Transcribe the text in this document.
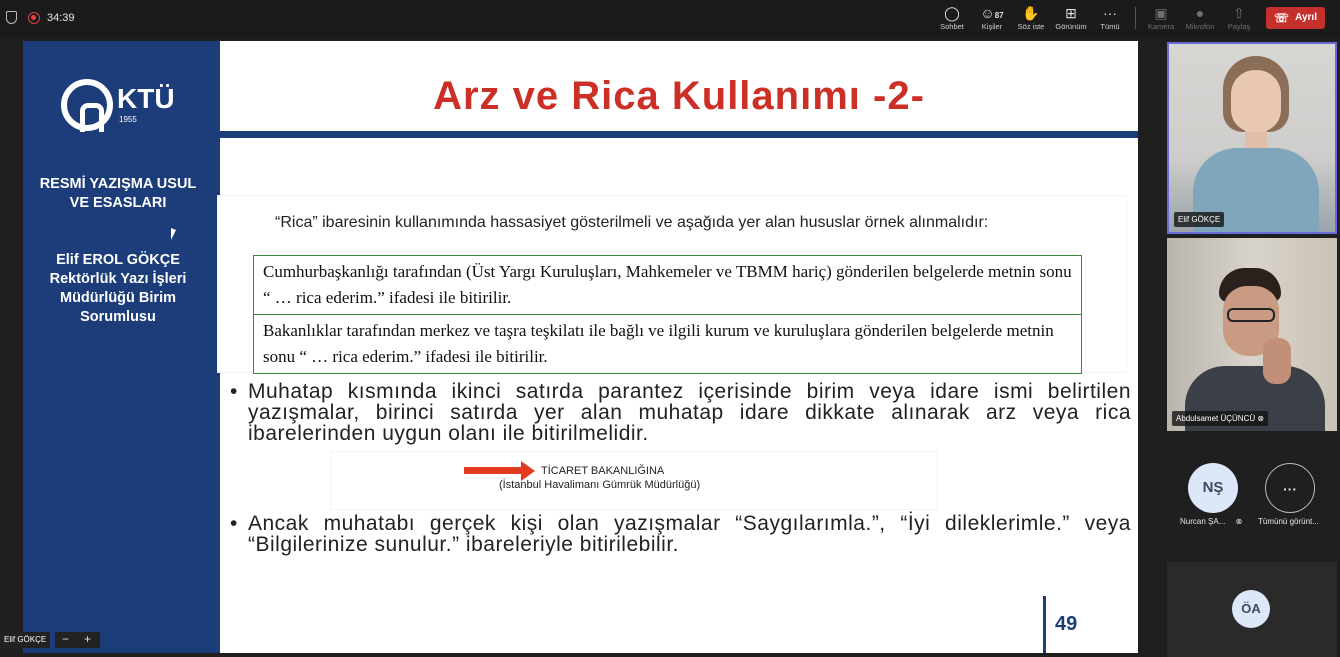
34:39	◯
Sohbet
☺87
Kişiler
✋
Söz iste
⊞
Görünüm
···
Tümü
▣
Kamera
●
Mikrofon
⇧
Paylaş
☏ Ayrıl
KTÜ
1955
RESMİ YAZIŞMA USUL VE ESASLARI
Elif EROL GÖKÇE Rektörlük Yazı İşleri Müdürlüğü Birim Sorumlusu
Arz ve Rica Kullanımı -2-
“Rica” ibaresinin kullanımında hassasiyet gösterilmeli ve aşağıda yer alan hususlar örnek alınmalıdır:
Cumhurbaşkanlığı tarafından (Üst Yargı Kuruluşları, Mahkemeler ve TBMM hariç) gönderilen belgelerde metnin sonu “ … rica ederim.” ifadesi ile bitirilir.
Bakanlıklar tarafından merkez ve taşra teşkilatı ile bağlı ve ilgili kurum ve kuruluşlara gönderilen belgelerde metnin sonu “ … rica ederim.” ifadesi ile bitirilir.
• Muhatap kısmında ikinci satırda parantez içerisinde birim veya idare ismi belirtilen yazışmalar, birinci satırda yer alan muhatap idare dikkate alınarak arz veya rica ibarelerinden uygun olanı ile bitirilmelidir.
TİCARET BAKANLIĞINA
(İstanbul Havalimanı Gümrük Müdürlüğü)
• Ancak muhatabı gerçek kişi olan yazışmalar “Saygılarımla.”, “İyi dileklerimle.” veya “Bilgilerinize sunulur.” ibareleriyle bitirilebilir.
49
Elif GÖKÇE	− +
Elif GÖKÇE
Abdulsamet ÜÇÜNCÜ ⊗
NŞ
Nurcan ŞA... ⊗
···
Tümünü görünt...
ÖA
